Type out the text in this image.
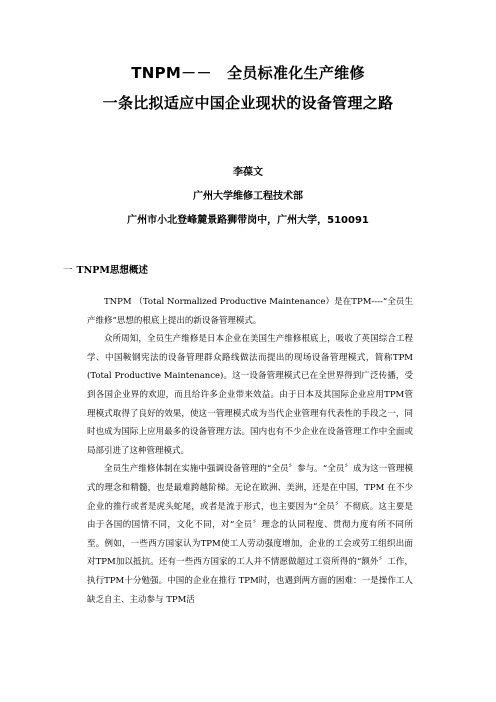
TNPM－－　全员标准化生产维修
一条比拟适应中国企业现状的设备管理之路
李葆文
广州大学维修工程技术部
广州市小北登峰麓景路狮带岗中，广州大学，510091
一 TNPM思想概述

TNPM （Total Normalized Productive Maintenance）是在TPM----“全员生产维修”思想的根底上提出的新设备管理模式。

众所周知，全员生产维修是日本企业在美国生产维修根底上，吸收了英国综合工程学、中国鞍钢宪法的设备管理群众路线做法而提出的现场设备管理模式，简称TPM (Total Productive Maintenance)。这一设备管理模式已在全世界得到广泛传播，受到各国企业界的欢迎，而且给许多企业带来效益。由于日本及其国际企业应用TPM管理模式取得了良好的效果，使这一管理模式成为当代企业管理有代表性的手段之一，同时也成为国际上应用最多的设备管理方法。国内也有不少企业在设备管理工作中全面或局部引进了这种管理模式。

全员生产维修体制在实施中强调设备管理的“全员〞参与。“全员〞成为这一管理模式的理念和精髓，也是最难跨越阶梯。无论在欧洲、美洲，还是在中国，TPM 在不少企业的推行或者是虎头蛇尾，或者是流于形式，也主要因为“全员〞不彻底。这主要是由于各国的国情不同，文化不同，对“全员〞理念的认同程度、贯彻力度有所不同所至。例如，一些西方国家认为TPM使工人劳动强度增加，企业的工会或劳工组织出面对TPM加以抵抗。还有一些西方国家的工人并不情愿做超过工资所得的“额外〞工作，执行TPM十分勉强。中国的企业在推行 TPM时，也遇到两方面的困难：一是操作工人缺乏自主、主动参与 TPM活
